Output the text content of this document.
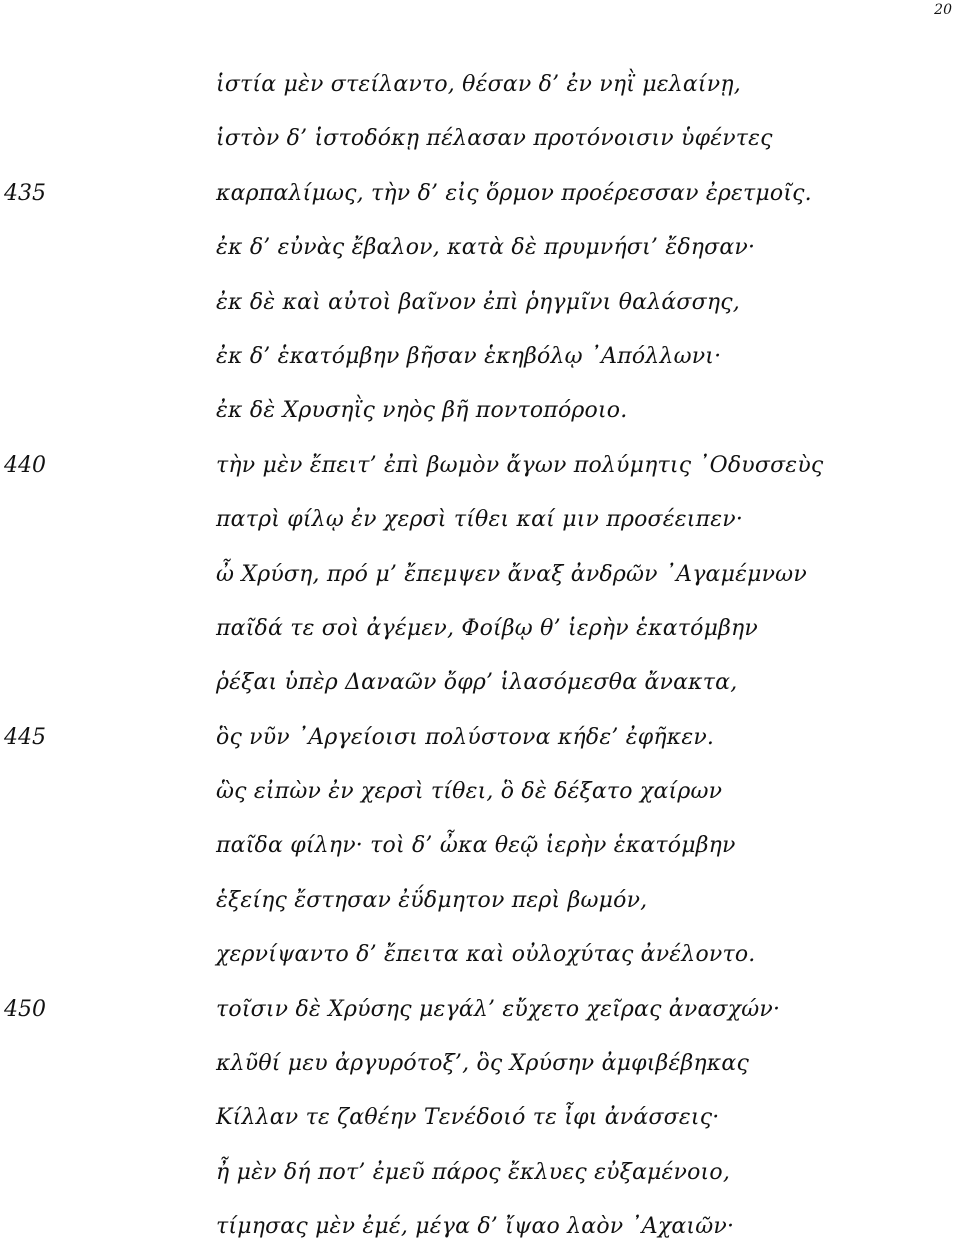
20
ἱστία μὲν στείλαντο, θέσαν δ’ ἐν νηῒ μελαίνῃ,
ἱστὸν δ’ ἱστοδόκῃ πέλασαν προτόνοισιν ὑφέντες
435	καρπαλίμως, τὴν δ’ εἰς ὅρμον προέρεσσαν ἐρετμοῖς.
ἐκ δ’ εὐνὰς ἔβαλον, κατὰ δὲ πρυμνήσι’ ἔδησαν·
ἐκ δὲ καὶ αὐτοὶ βαῖνον ἐπὶ ῥηγμῖνι θαλάσσης,
ἐκ δ’ ἑκατόμβην βῆσαν ἑκηβόλῳ ᾿Απόλλωνι·
ἐκ δὲ Χρυσηῒς νηὸς βῆ ποντοπόροιο.
440	τὴν μὲν ἔπειτ’ ἐπὶ βωμὸν ἄγων πολύμητις ᾿Οδυσσεὺς
πατρὶ φίλῳ ἐν χερσὶ τίθει καί μιν προσέειπεν·
ὦ Χρύση, πρό μ’ ἔπεμψεν ἄναξ ἀνδρῶν ᾿Αγαμέμνων
παῖδά τε σοὶ ἀγέμεν, Φοίβῳ θ’ ἱερὴν ἑκατόμβην
ῥέξαι ὑπὲρ Δαναῶν ὄφρ’ ἱλασόμεσθα ἄνακτα,
445	ὃς νῦν ᾿Αργείοισι πολύστονα κήδε’ ἐφῆκεν.
ὣς εἰπὼν ἐν χερσὶ τίθει, ὃ δὲ δέξατο χαίρων
παῖδα φίλην· τοὶ δ’ ὦκα θεῷ ἱερὴν ἑκατόμβην
ἑξείης ἔστησαν ἐΰδμητον περὶ βωμόν,
χερνίψαντο δ’ ἔπειτα καὶ οὐλοχύτας ἀνέλοντο.
450	τοῖσιν δὲ Χρύσης μεγάλ’ εὔχετο χεῖρας ἀνασχών·
κλῦθί μευ ἀργυρότοξ’, ὃς Χρύσην ἀμφιβέβηκας
Κίλλαν τε ζαθέην Τενέδοιό τε ἶφι ἀνάσσεις·
ἦ μὲν δή ποτ’ ἐμεῦ πάρος ἔκλυες εὐξαμένοιο,
τίμησας μὲν ἐμέ, μέγα δ’ ἴψαο λαὸν ᾿Αχαιῶν·
